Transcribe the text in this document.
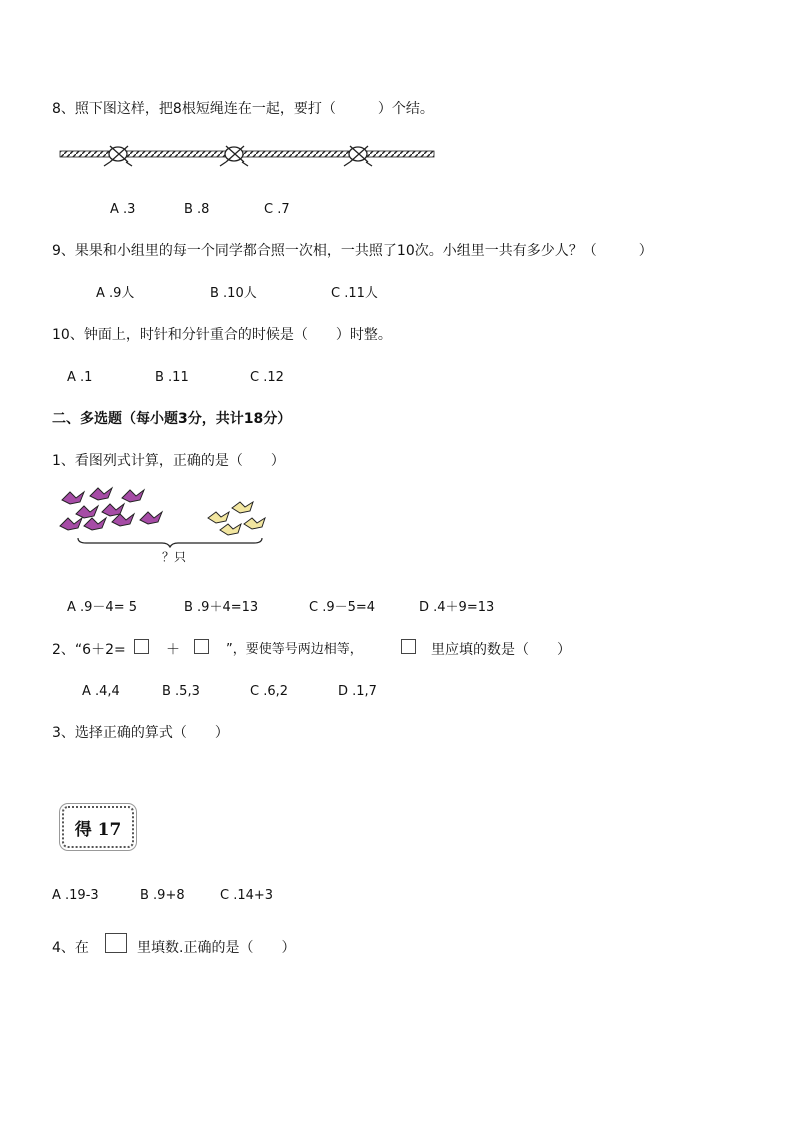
8、照下图这样，把8根短绳连在一起，要打（　　　）个结。
A .3	B .8	C .7
9、果果和小组里的每一个同学都合照一次相，一共照了10次。小组里一共有多少人？（　　　）
A .9人	B .10人	C .11人
10、钟面上，时针和分针重合的时候是（　　）时整。
A .1	B .11	C .12
二、多选题（每小题3分，共计18分）
1、看图列式计算，正确的是（　　）
？只
A .9－4= 5	B .9＋4=13	C .9－5=4	D .4＋9=13
2、“6＋2=	＋	”，要使等号两边相等，	里应填的数是（　　）
A .4,4	B .5,3	C .6,2	D .1,7
3、选择正确的算式（　　）
得 17
A .19-3	B .9+8	C .14+3
4、在	里填数.正确的是（　　）
